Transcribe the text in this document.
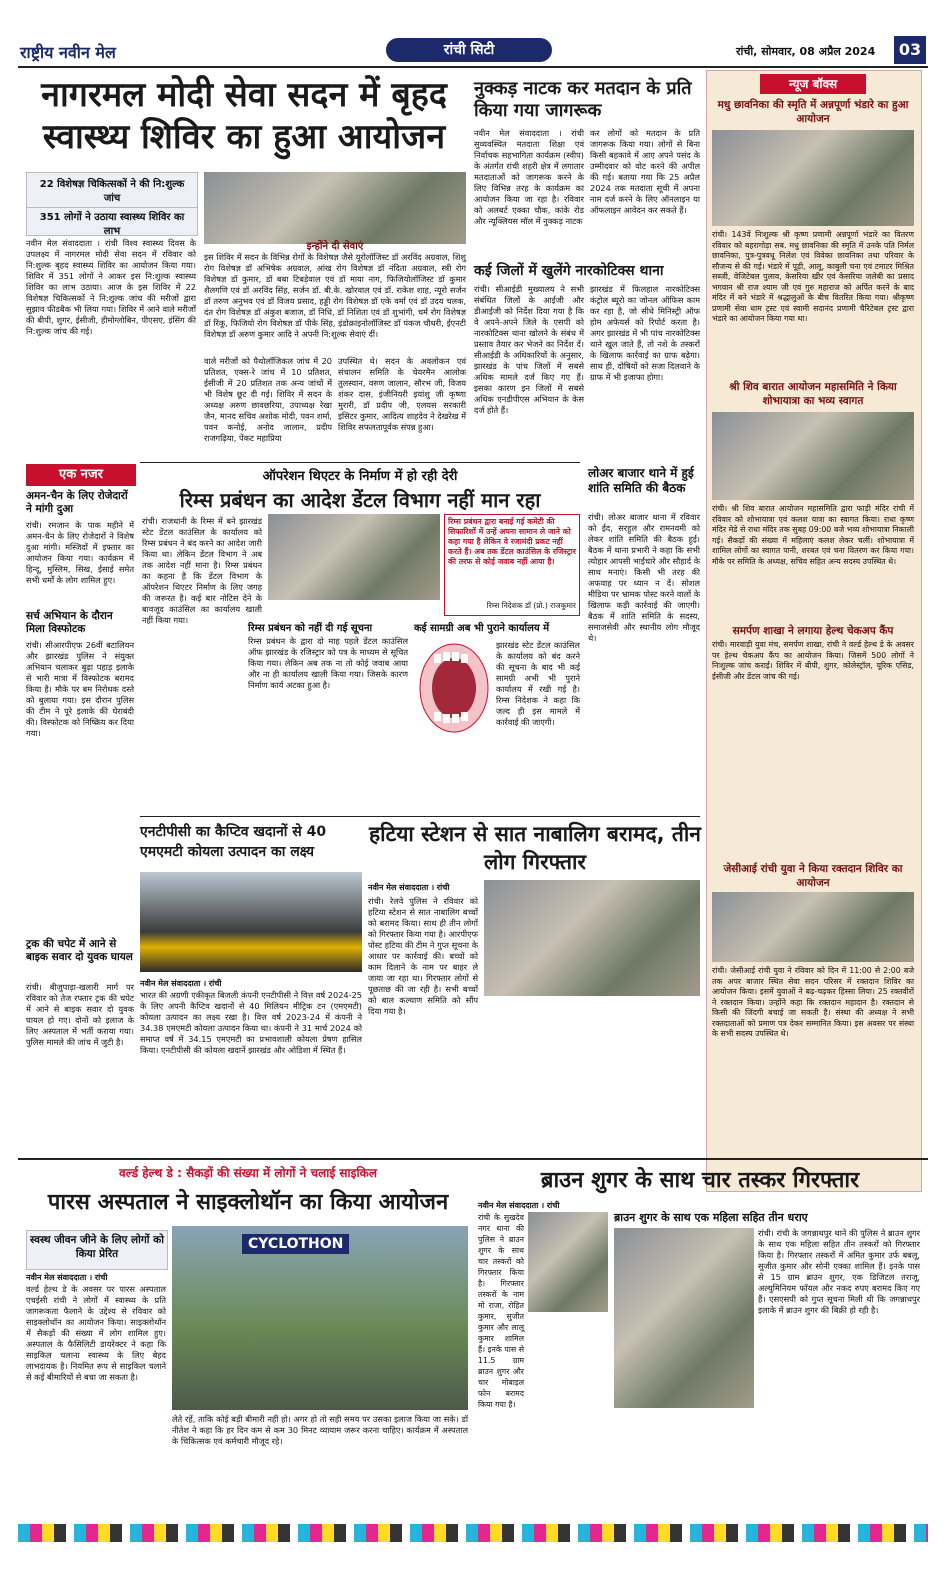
राष्ट्रीय नवीन मेल	रांची सिटी	रांची, सोमवार, 08 अप्रैल 2024	03
नागरमल मोदी सेवा सदन में बृहद
स्वास्थ्य शिविर का हुआ आयोजन
22 विशेषज्ञ चिकित्सकों ने की नि:शुल्क जांच
351 लोगों ने उठाया स्वास्थ्य शिविर का लाभ
नवीन मेल संवाददाता । रांची विश्व स्वास्थ्य दिवस के उपलक्ष्य में नागरमल मोदी सेवा सदन में रविवार को नि:शुल्क बृहद स्वास्थ्य शिविर का आयोजन किया गया। शिविर में 351 लोगों ने आकर इस नि:शुल्क स्वास्थ्य शिविर का लाभ उठाया। आज के इस शिविर में 22 विशेषज्ञ चिकित्सकों ने नि:शुल्क जांच की मरीजों द्वारा सुझाव फीडबैक भी लिया गया। शिविर में आने वाले मरीजों की बीपी, शुगर, ईसीजी, हीमोग्लोबिन, पीएसए, इंसिंग की नि:शुल्क जांच की गई।
इन्होंने दी सेवाएं
इस शिविर में सदन के विभिन्न रोगों के विशेषज्ञ जैसे यूरोलॉजिस्ट डॉ अरविंद अग्रवाल, शिशु रोग विशेषज्ञ डॉ अभिषेक अग्रवाल, आंख रोग विशेषज्ञ डॉ नंदिता अग्रवाल, स्त्री रोग विशेषज्ञ डॉ कुमार, डॉ बबा टिबड़ेवाल एवं डॉ माया नाग, फिजियोलॉजिस्ट डॉ कुमार शैलगणि एवं डॉ अरविंद सिंह, सर्जन डॉ. बी.के. खोरवाल एवं डॉ. राकेश शाह, न्यूरो सर्जन डॉ तरुण अनुभव एवं डॉ विजय प्रसाद, हड्डी रोग विशेषज्ञ डॉ एके वर्मा एवं डॉ उदय चलक, दंत रोग विशेषज्ञ डॉ अंकुश बजाज, डॉ निधि, डॉ निशिता एवं डॉ शुभांगी, चर्म रोग विशेषज्ञ डॉ रिंकू, फिजियो रोग विशेषज्ञ डॉ पीके सिंह, इंडोक्राइनोलॉजिस्ट डॉ पंकज चौधरी, ईएनटी विशेषज्ञ डॉ अरुण कुमार आदि ने अपनी नि:शुल्क सेवाएं दीं।
वाले मरीजों को पैथोलॉजिकल जांच में 20 प्रतिशत, एक्स-रे जांच में 10 प्रतिशत, ईसीजी में 20 प्रतिशत तक अन्य जांचों में भी विशेष छूट दी गई। शिविर में सदन के अध्यक्ष अरुण छावछरिया, उपाध्यक्ष रेखा जैन, मानद सचिव अशोक मोदी, पवन शर्मा, पवन कनोई, अनोद जालान, प्रदीप राजगढ़िया, पेंकट महाप्रिया
उपस्थित थे। सदन के अवलोकन एवं संचालन समिति के चेयरमैन आलोक तुलस्यान, वरुण जालान, सौरभ जी, विजय शंकर दास, इंजीनियरी इयांशु जी कृष्णा मुरारी, डॉ प्रदीप जी, एलयस सरकारी इसिटर कुमार, आदित्य शाहदेव ने देखरेख में शिविर सफलतापूर्वक संपन्न हुआ।
नुक्कड़ नाटक कर मतदान के प्रति किया गया जागरूक
नवीन मेल संवाददाता । रांची सुव्यवस्थित मतदाता शिक्षा एवं निर्वाचक सहभागिता कार्यक्रम (स्वीप) के अंतर्गत रांची शहरी क्षेत्र में लगातार मतदाताओं को जागरूक करने के लिए विभिन्न तरह के कार्यक्रम का आयोजन किया जा रहा है। रविवार को अलबर्ट एक्का चौक, कांके रोड और न्यूक्लियस मॉल में नुक्कड़ नाटक
कर लोगों को मतदान के प्रति जागरूक किया गया। लोगों से बिना किसी बहकावे में आए अपने पसंद के उम्मीदवार को वोट करने की अपील की गई। बताया गया कि 25 अप्रैल 2024 तक मतदाता सूची में अपना नाम दर्ज करने के लिए ऑनलाइन या ऑफलाइन आवेदन कर सकते हैं।
कई जिलों में खुलेंगे नारकोटिक्स थाना
रांची। सीआईडी मुख्यालय ने सभी संबंधित जिलों के आईजी और डीआईजी को निर्देश दिया गया है कि वे अपने-अपने जिले के एसपी को नारकोटिक्स थाना खोलने के संबंध में प्रस्ताव तैयार कर भेजने का निर्देश दें। सीआईडी के अधिकारियों के अनुसार, झारखंड के पांच जिलों में सबसे अधिक मामले दर्ज किए गए हैं। इसका कारण इन जिलों में सबसे अधिक एनडीपीएस अभियान के केस दर्ज होते हैं।
झारखंड में फिलहाल नारकोटिक्स कंट्रोल ब्यूरो का जोनल ऑफिस काम कर रहा है, जो सीधे मिनिस्ट्री ऑफ होम अफेयर्स को रिपोर्ट करता है। अगर झारखंड में भी पांच नारकोटिक्स थाने खुल जाते हैं, तो नशे के तस्करों के खिलाफ कार्रवाई का ग्राफ बढ़ेगा। साथ ही, दोषियों को सजा दिलवाने के ग्राफ में भी इजाफा होगा।
न्यूज बॉक्स
मधु छावनिका की स्मृति में अन्नपूर्णा भंडारे का हुआ आयोजन
रांची। 143वें निःशुल्क श्री कृष्ण प्रणामी अन्नपूर्णा भंडारे का वितरण रविवार को बहरागोड़ा सब. मधु छावनिका की स्मृति में उनके पति निर्मल छावनिका, पुत्र-पुत्रवधू निलेश एवं विवेका छावनिका तथा परिवार के सौजन्य से की गई। भंडारे में पूड़ी, आलू, काबुली चना एवं टमाटर मिश्रित सब्जी, वेजिटेबल पुलाव, केसरिया खीर एवं केसरिया जलेबी का प्रसाद भगवान श्री राज श्याम जी एवं गुरु महाराज को अर्पित करने के बाद मंदिर में बने भंडारे में श्रद्धालुओं के बीच वितरित किया गया। श्रीकृष्ण प्रणामी सेवा धाम ट्रस्ट एवं स्वामी सदानंद प्रणामी चैरिटेबल ट्रस्ट द्वारा भंडारे का आयोजन किया गया था।
श्री शिव बारात आयोजन महासमिति ने किया शोभायात्रा का भव्य स्वागत
रांची। श्री शिव बारात आयोजन महासमिति द्वारा फाड़ी मंदिर रांची में रविवार को शोभायात्रा एवं कलश यात्रा का स्वागत किया। राधा कृष्ण मंदिर मेडे से राधा मंदिर तक सुबह 09:00 बजे भव्य शोभायात्रा निकाली गई। सैकड़ों की संख्या में महिलाएं कलश लेकर चलीं। शोभायात्रा में शामिल लोगों का स्वागत पानी, शरबत एवं चना वितरण कर किया गया। मौके पर समिति के अध्यक्ष, सचिव सहित अन्य सदस्य उपस्थित थे।
समर्पण शाखा ने लगाया हेल्थ चेकअप कैंप
रांची। मारवाड़ी युवा मंच, समर्पण शाखा, रांची ने वर्ल्ड हेल्थ डे के अवसर पर हेल्थ चेकअप कैंप का आयोजन किया। जिसमें 500 लोगों ने निःशुल्क जांच कराई। शिविर में बीपी, शुगर, कोलेस्ट्रॉल, यूरिक एसिड, ईसीजी और डेंटल जांच की गई।
जेसीआई रांची युवा ने किया रक्तदान शिविर का आयोजन
रांची। जेसीआई रांची युवा ने रविवार को दिन में 11:00 से 2:00 बजे तक अपर बाजार स्थित सेवा सदन परिसर में रक्तदान शिविर का आयोजन किया। इसमें युवाओं ने बढ़-चढ़कर हिस्सा लिया। 25 रक्तवीरों ने रक्तदान किया। उन्होंने कहा कि रक्तदान महादान है। रक्तदान से किसी की जिंदगी बचाई जा सकती है। संस्था की अध्यक्ष ने सभी रक्तदाताओं को प्रमाण पत्र देकर सम्मानित किया। इस अवसर पर संस्था के सभी सदस्य उपस्थित थे।
एक नजर
अमन-चैन के लिए रोजेदारों ने मांगी दुआ
रांची। रमजान के पाक महीने में अमन-चैन के लिए रोजेदारों ने विशेष दुआ मांगी। मस्जिदों में इफ्तार का आयोजन किया गया। कार्यक्रम में हिन्दू, मुस्लिम, सिख, ईसाई समेत सभी धर्मों के लोग शामिल हुए।
सर्च अभियान के दौरान मिला विस्फोटक
रांची। सीआरपीएफ 26वीं बटालियन और झारखंड पुलिस ने संयुक्त अभियान चलाकर बुढ़ा पहाड़ इलाके से भारी मात्रा में विस्फोटक बरामद किया है। मौके पर बम निरोधक दस्ते को बुलाया गया। इस दौरान पुलिस की टीम ने पूरे इलाके की घेराबंदी की। विस्फोटक को निष्क्रिय कर दिया गया।
ट्रक की चपेट में आने से बाइक सवार दो युवक घायल
रांची। बीजुपाड़ा-खलारी मार्ग पर रविवार को तेज रफ्तार ट्रक की चपेट में आने से बाइक सवार दो युवक घायल हो गए। दोनों को इलाज के लिए अस्पताल में भर्ती कराया गया। पुलिस मामले की जांच में जुटी है।
ऑपरेशन थिएटर के निर्माण में हो रही देरी
रिम्स प्रबंधन का आदेश डेंटल विभाग नहीं मान रहा
रांची। राजधानी के रिम्स में बने झारखंड स्टेट डेंटल काउंसिल के कार्यालय को रिम्स प्रबंधन ने बंद करने का आदेश जारी किया था। लेकिन डेंटल विभाग ने अब तक आदेश नहीं माना है। रिम्स प्रबंधन का कहना है कि डेंटल विभाग के ऑपरेशन थिएटर निर्माण के लिए जगह की जरूरत है। कई बार नोटिस देने के बावजूद काउंसिल का कार्यालय खाली नहीं किया गया।
रिम्स प्रबंधन द्वारा बनाई गई कमेटी की सिफारिशों में उन्हें अपना सामान ले जाने को कहा गया है लेकिन वे रजामंदी प्रकट नहीं करते हैं। अब तक डेंटल काउंसिल के रजिस्ट्रार की तरफ से कोई जवाब नहीं आया है।
रिम्स निदेशक डॉ (प्रो.) राजकुमार
रिम्स प्रबंधन को नहीं दी गई सूचना
रिम्स प्रबंधन के द्वारा दो माह पहले डेंटल काउंसिल ऑफ झारखंड के रजिस्ट्रार को पत्र के माध्यम से सूचित किया गया। लेकिन अब तक ना तो कोई जवाब आया और ना ही कार्यालय खाली किया गया। जिसके कारण निर्माण कार्य अटका हुआ है।
कई सामग्री अब भी पुराने कार्यालय में
झारखंड स्टेट डेंटल काउंसिल के कार्यालय को बंद करने की सूचना के बाद भी कई सामग्री अभी भी पुराने कार्यालय में रखी गई है। रिम्स निदेशक ने कहा कि जल्द ही इस मामले में कार्रवाई की जाएगी।
लोअर बाजार थाने में हुई शांति समिति की बैठक
रांची। लोअर बाजार थाना में रविवार को ईद, सरहुल और रामनवमी को लेकर शांति समिति की बैठक हुई। बैठक में थाना प्रभारी ने कहा कि सभी त्योहार आपसी भाईचारे और सौहार्द के साथ मनाएं। किसी भी तरह की अफवाह पर ध्यान न दें। सोशल मीडिया पर भ्रामक पोस्ट करने वालों के खिलाफ कड़ी कार्रवाई की जाएगी। बैठक में शांति समिति के सदस्य, समाजसेवी और स्थानीय लोग मौजूद थे।
एनटीपीसी का कैप्टिव खदानों से 40 एमएमटी कोयला उत्पादन का लक्ष्य
नवीन मेल संवाददाता । रांची
भारत की अग्रणी एकीकृत बिजली कंपनी एनटीपीसी ने वित्त वर्ष 2024-25 के लिए अपनी कैप्टिव खदानों से 40 मिलियन मीट्रिक टन (एमएमटी) कोयला उत्पादन का लक्ष्य रखा है। वित्त वर्ष 2023-24 में कंपनी ने 34.38 एमएमटी कोयला उत्पादन किया था। कंपनी ने 31 मार्च 2024 को समाप्त वर्ष में 34.15 एमएमटी का प्रभावशाली कोयला प्रेषण हासिल किया। एनटीपीसी की कोयला खदानें झारखंड और ओडिशा में स्थित हैं।
हटिया स्टेशन से सात नाबालिग बरामद, तीन लोग गिरफ्तार
नवीन मेल संवाददाता । रांची
रांची। रेलवे पुलिस ने रविवार को हटिया स्टेशन से सात नाबालिग बच्चों को बरामद किया। साथ ही तीन लोगों को गिरफ्तार किया गया है। आरपीएफ पोस्ट हटिया की टीम ने गुप्त सूचना के आधार पर कार्रवाई की। बच्चों को काम दिलाने के नाम पर बाहर ले जाया जा रहा था। गिरफ्तार लोगों से पूछताछ की जा रही है। सभी बच्चों को बाल कल्याण समिति को सौंप दिया गया है।
वर्ल्ड हेल्थ डे : सैकड़ों की संख्या में लोगों ने चलाई साइकिल
पारस अस्पताल ने साइक्लोथॉन का किया आयोजन
स्वस्थ जीवन जीने के लिए लोगों को किया प्रेरित
नवीन मेल संवाददाता । रांची
वर्ल्ड हेल्थ डे के अवसर पर पारस अस्पताल एचईसी रांची ने लोगों में स्वास्थ्य के प्रति जागरूकता फैलाने के उद्देश्य से रविवार को साइक्लोथॉन का आयोजन किया। साइक्लोथॉन में सैकड़ों की संख्या में लोग शामिल हुए। अस्पताल के फैसिलिटी डायरेक्टर ने कहा कि साइकिल चलाना स्वास्थ्य के लिए बेहद लाभदायक है। नियमित रूप से साइकिल चलाने से कई बीमारियों से बचा जा सकता है।
CYCLOTHON
लेते रहें, ताकि कोई बड़ी बीमारी नहीं हो। अगर हो तो सही समय पर उसका इलाज किया जा सके। डॉ नीतेश ने कहा कि हर दिन कम से कम 30 मिनट व्यायाम जरूर करना चाहिए। कार्यक्रम में अस्पताल के चिकित्सक एवं कर्मचारी मौजूद रहे।
ब्राउन शुगर के साथ चार तस्कर गिरफ्तार
नवीन मेल संवाददाता । रांची
रांची के सुखदेव नगर थाना की पुलिस ने ब्राउन शुगर के साथ चार तस्करों को गिरफ्तार किया है। गिरफ्तार तस्करों के नाम मो राजा, रोहित कुमार, सुजीत कुमार और लालू कुमार शामिल हैं। इनके पास से 11.5 ग्राम ब्राउन शुगर और चार मोबाइल फोन बरामद किया गया है।
ब्राउन शुगर के साथ एक महिला सहित तीन धराए
रांची। रांची के जगन्नाथपुर थाने की पुलिस ने ब्राउन शुगर के साथ एक महिला सहित तीन तस्करों को गिरफ्तार किया है। गिरफ्तार तस्करों में अमित कुमार उर्फ बबलू, सुजीत कुमार और सोनी एक्का शामिल हैं। इनके पास से 15 ग्राम ब्राउन शुगर, एक डिजिटल तराजू, अल्युमिनियम फॉयल और नकद रुपए बरामद किए गए हैं। एसएसपी को गुप्त सूचना मिली थी कि जगन्नाथपुर इलाके में ब्राउन शुगर की बिक्री हो रही है।
